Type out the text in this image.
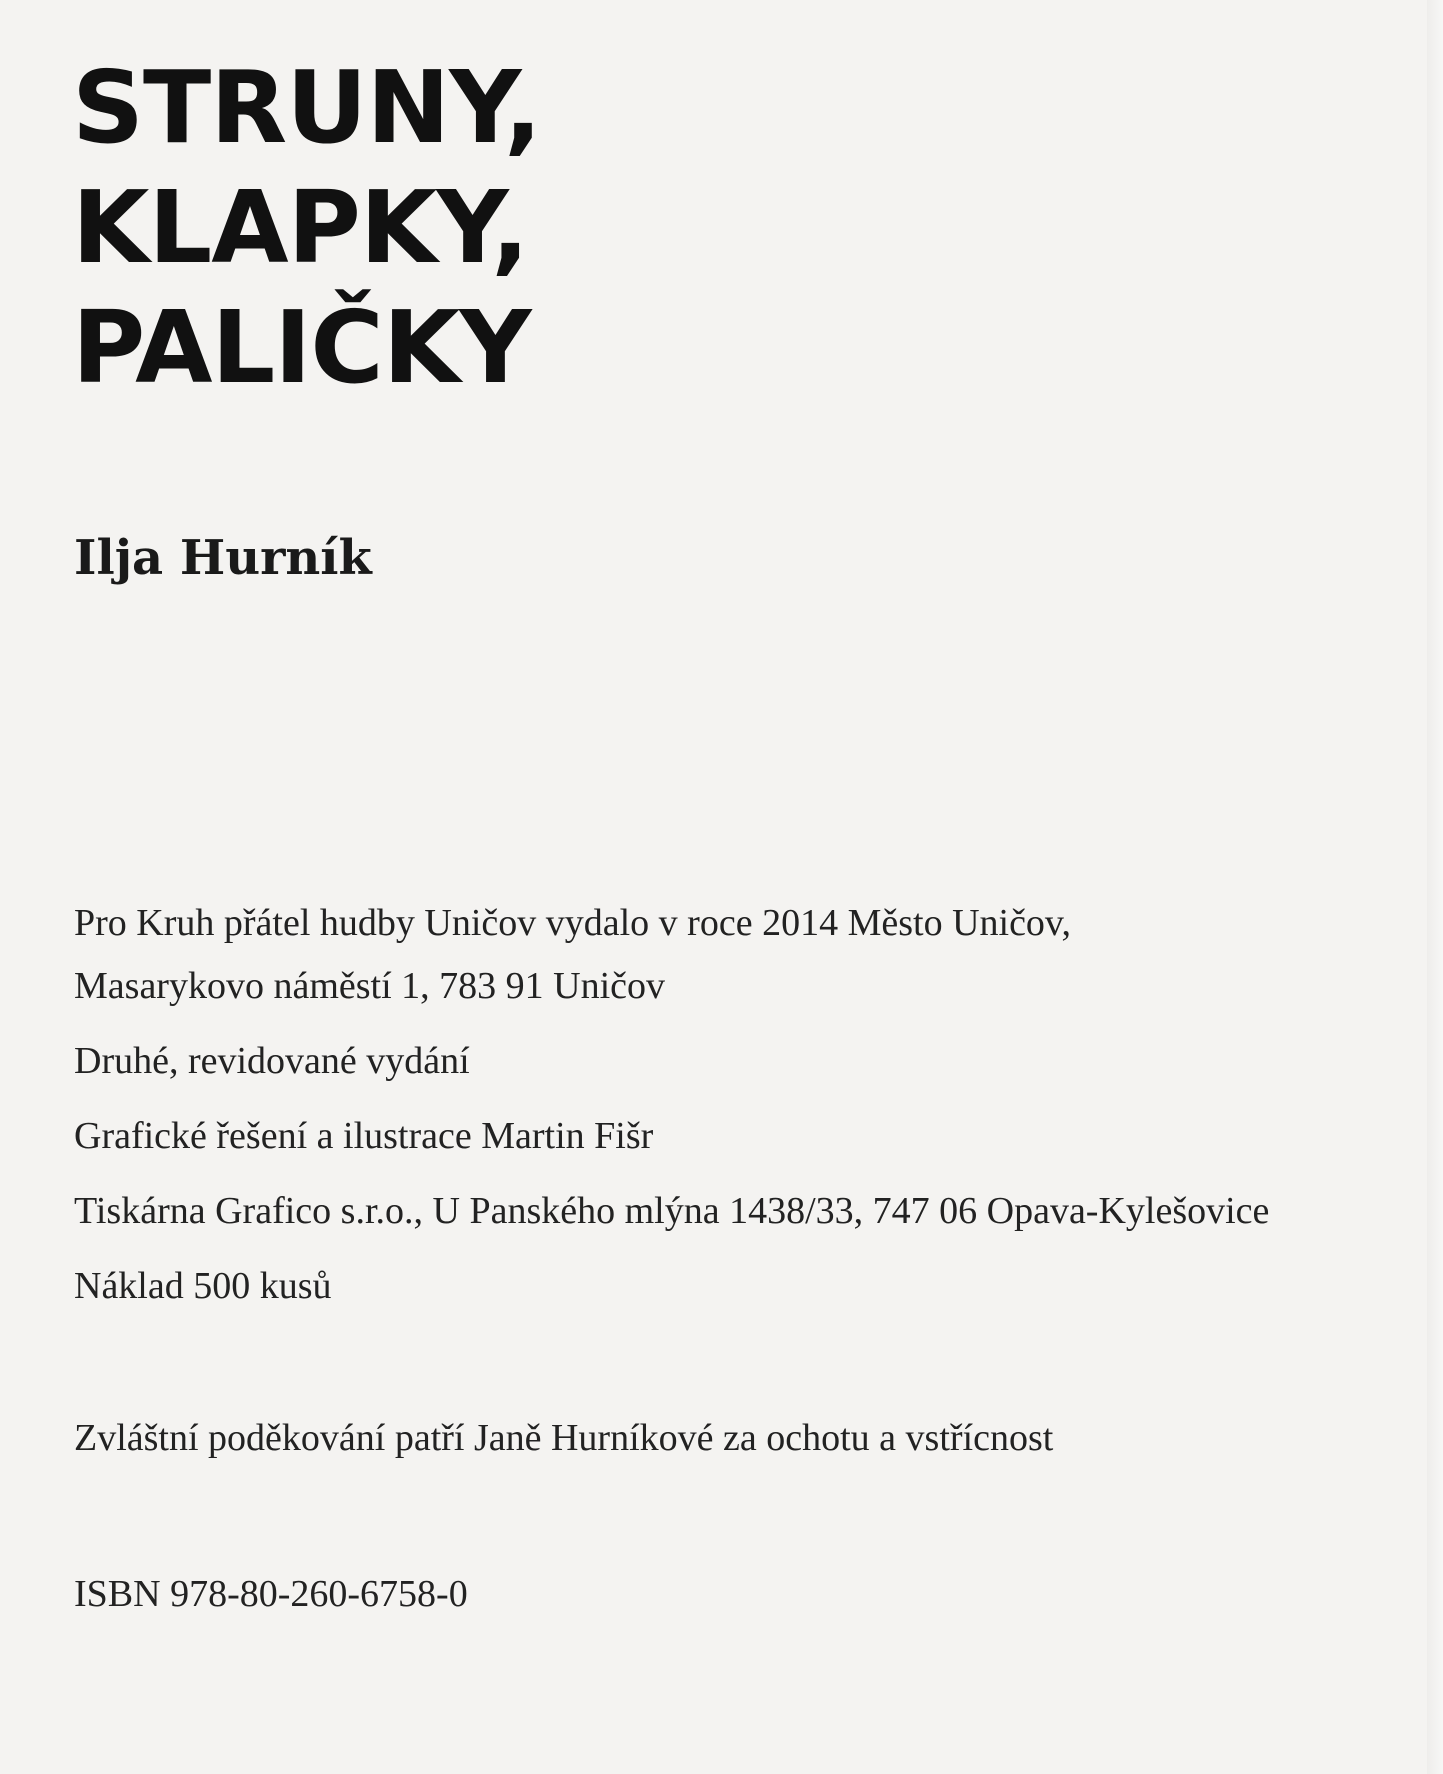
STRUNY,
KLAPKY,
PALIČKY
Ilja Hurník

Pro Kruh přátel hudby Uničov vydalo v roce 2014 Město Uničov,

Masarykovo náměstí 1, 783 91 Uničov

Druhé, revidované vydání

Grafické řešení a ilustrace Martin Fišr

Tiskárna Grafico s.r.o., U Panského mlýna 1438/33, 747 06 Opava-Kylešovice

Náklad 500 kusů

Zvláštní poděkování patří Janě Hurníkové za ochotu a vstřícnost

ISBN 978-80-260-6758-0
